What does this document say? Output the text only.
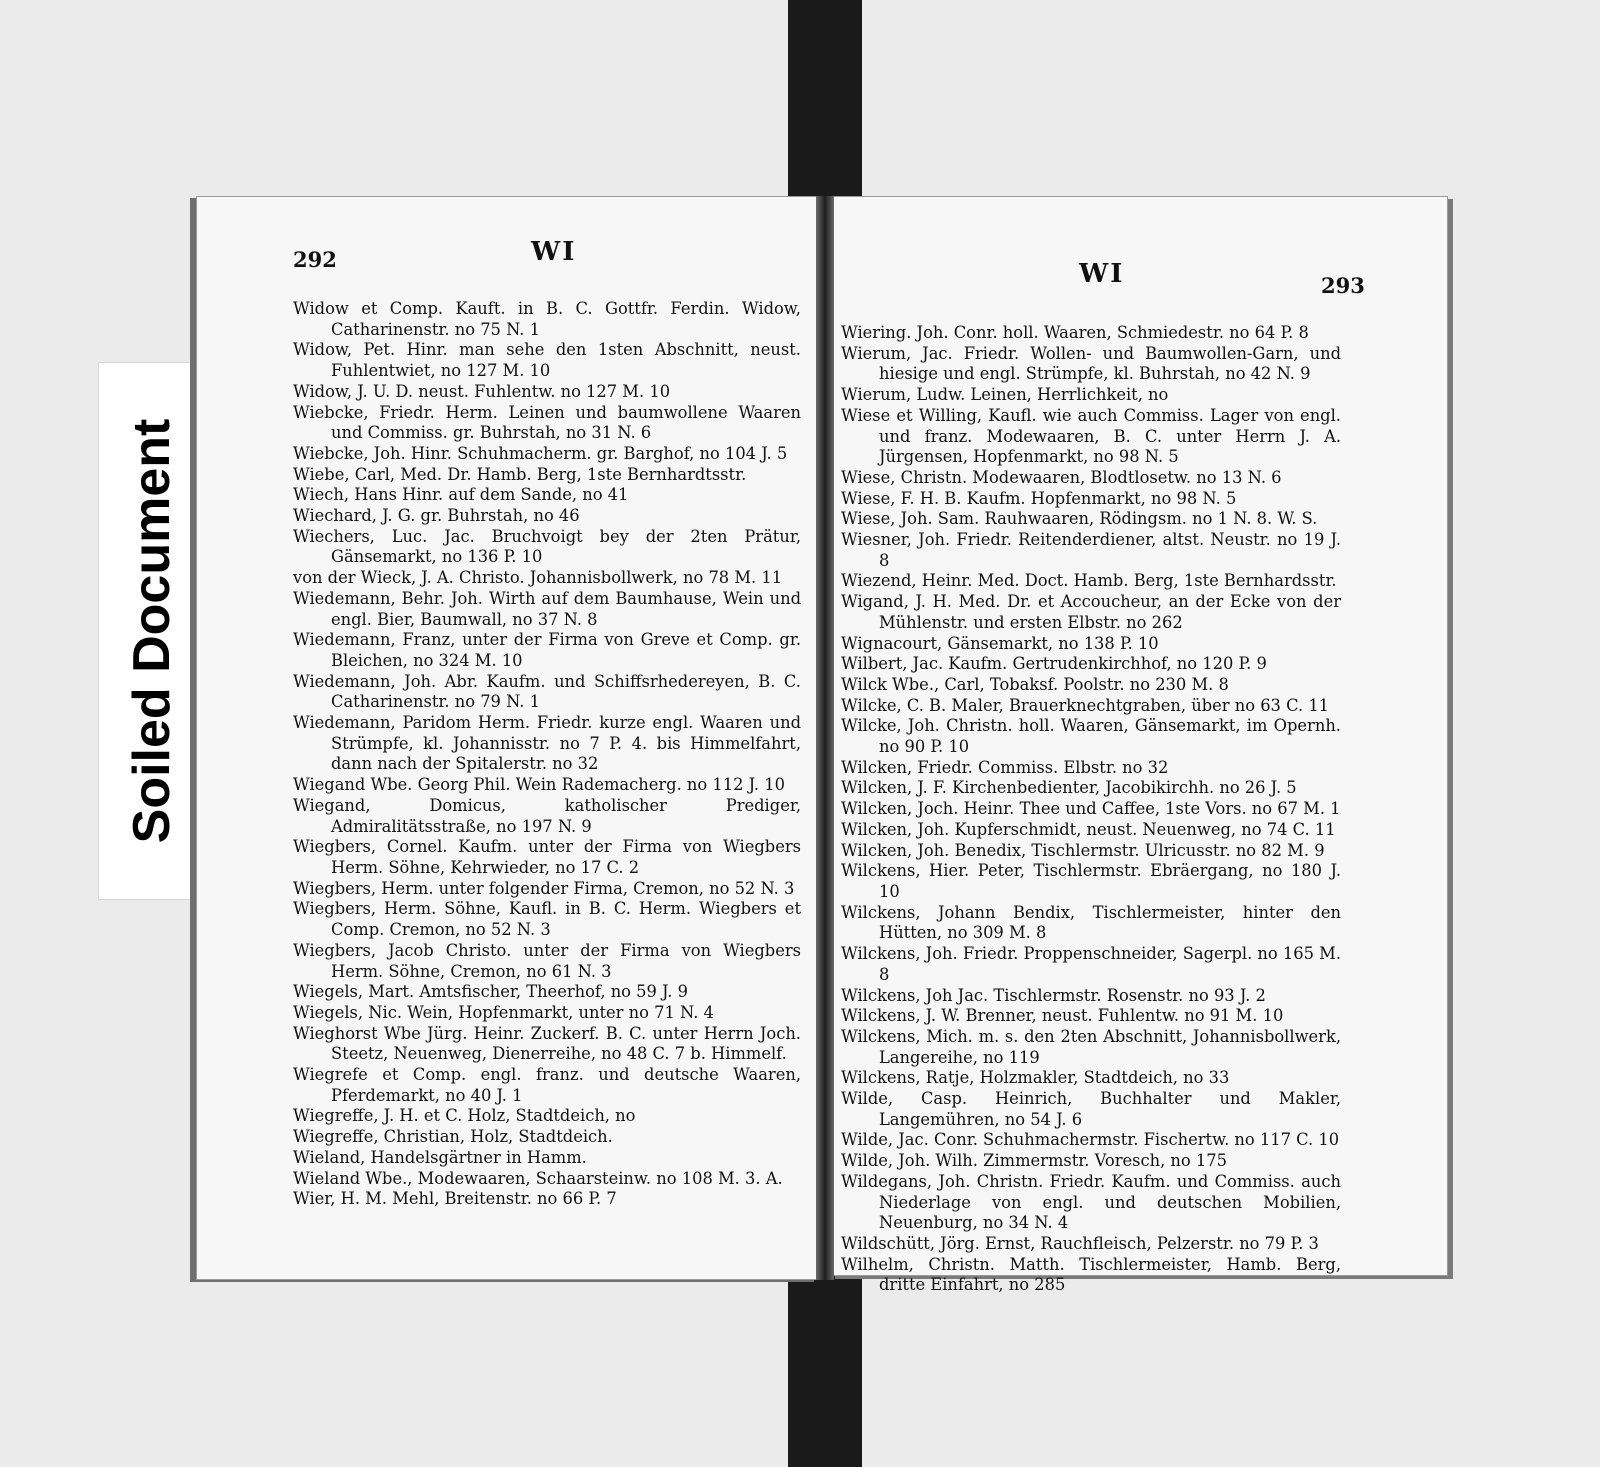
Soiled Document
292	WI
Widow et Comp. Kauft. in B. C. Gottfr. Ferdin. Widow, Catharinenstr. no 75 N. 1
Widow, Pet. Hinr. man sehe den 1sten Abschnitt, neust. Fuhlentwiet, no 127 M. 10
Widow, J. U. D. neust. Fuhlentw. no 127 M. 10
Wiebcke, Friedr. Herm. Leinen und baumwollene Waaren und Commiss. gr. Buhrstah, no 31 N. 6
Wiebcke, Joh. Hinr. Schuhmacherm. gr. Barghof, no 104 J. 5
Wiebe, Carl, Med. Dr. Hamb. Berg, 1ste Bernhardtsstr.
Wiech, Hans Hinr. auf dem Sande, no 41
Wiechard, J. G. gr. Buhrstah, no 46
Wiechers, Luc. Jac. Bruchvoigt bey der 2ten Prätur, Gänsemarkt, no 136 P. 10
von der Wieck, J. A. Christo. Johannisbollwerk, no 78 M. 11
Wiedemann, Behr. Joh. Wirth auf dem Baumhause, Wein und engl. Bier, Baumwall, no 37 N. 8
Wiedemann, Franz, unter der Firma von Greve et Comp. gr. Bleichen, no 324 M. 10
Wiedemann, Joh. Abr. Kaufm. und Schiffsrhedereyen, B. C. Catharinenstr. no 79 N. 1
Wiedemann, Paridom Herm. Friedr. kurze engl. Waaren und Strümpfe, kl. Johannisstr. no 7 P. 4. bis Himmelfahrt, dann nach der Spitalerstr. no 32
Wiegand Wbe. Georg Phil. Wein Rademacherg. no 112 J. 10
Wiegand, Domicus, katholischer Prediger, Admiralitätsstraße, no 197 N. 9
Wiegbers, Cornel. Kaufm. unter der Firma von Wiegbers Herm. Söhne, Kehrwieder, no 17 C. 2
Wiegbers, Herm. unter folgender Firma, Cremon, no 52 N. 3
Wiegbers, Herm. Söhne, Kaufl. in B. C. Herm. Wiegbers et Comp. Cremon, no 52 N. 3
Wiegbers, Jacob Christo. unter der Firma von Wiegbers Herm. Söhne, Cremon, no 61 N. 3
Wiegels, Mart. Amtsfischer, Theerhof, no 59 J. 9
Wiegels, Nic. Wein, Hopfenmarkt, unter no 71 N. 4
Wieghorst Wbe Jürg. Heinr. Zuckerf. B. C. unter Herrn Joch. Steetz, Neuenweg, Dienerreihe, no 48 C. 7 b. Himmelf.
Wiegrefe et Comp. engl. franz. und deutsche Waaren, Pferdemarkt, no 40 J. 1
Wiegreffe, J. H. et C. Holz, Stadtdeich, no
Wiegreffe, Christian, Holz, Stadtdeich.
Wieland, Handelsgärtner in Hamm.
Wieland Wbe., Modewaaren, Schaarsteinw. no 108 M. 3. A.
Wier, H. M. Mehl, Breitenstr. no 66 P. 7
WI	293
Wiering. Joh. Conr. holl. Waaren, Schmiedestr. no 64 P. 8
Wierum, Jac. Friedr. Wollen- und Baumwollen-Garn, und hiesige und engl. Strümpfe, kl. Buhrstah, no 42 N. 9
Wierum, Ludw. Leinen, Herrlichkeit, no
Wiese et Willing, Kaufl. wie auch Commiss. Lager von engl. und franz. Modewaaren, B. C. unter Herrn J. A. Jürgensen, Hopfenmarkt, no 98 N. 5
Wiese, Christn. Modewaaren, Blodtlosetw. no 13 N. 6
Wiese, F. H. B. Kaufm. Hopfenmarkt, no 98 N. 5
Wiese, Joh. Sam. Rauhwaaren, Rödingsm. no 1 N. 8. W. S.
Wiesner, Joh. Friedr. Reitenderdiener, altst. Neustr. no 19 J. 8
Wiezend, Heinr. Med. Doct. Hamb. Berg, 1ste Bernhardsstr.
Wigand, J. H. Med. Dr. et Accoucheur, an der Ecke von der Mühlenstr. und ersten Elbstr. no 262
Wignacourt, Gänsemarkt, no 138 P. 10
Wilbert, Jac. Kaufm. Gertrudenkirchhof, no 120 P. 9
Wilck Wbe., Carl, Tobaksf. Poolstr. no 230 M. 8
Wilcke, C. B. Maler, Brauerknechtgraben, über no 63 C. 11
Wilcke, Joh. Christn. holl. Waaren, Gänsemarkt, im Opernh. no 90 P. 10
Wilcken, Friedr. Commiss. Elbstr. no 32
Wilcken, J. F. Kirchenbedienter, Jacobikirchh. no 26 J. 5
Wilcken, Joch. Heinr. Thee und Caffee, 1ste Vors. no 67 M. 1
Wilcken, Joh. Kupferschmidt, neust. Neuenweg, no 74 C. 11
Wilcken, Joh. Benedix, Tischlermstr. Ulricusstr. no 82 M. 9
Wilckens, Hier. Peter, Tischlermstr. Ebräergang, no 180 J. 10
Wilckens, Johann Bendix, Tischlermeister, hinter den Hütten, no 309 M. 8
Wilckens, Joh. Friedr. Proppenschneider, Sagerpl. no 165 M. 8
Wilckens, Joh Jac. Tischlermstr. Rosenstr. no 93 J. 2
Wilckens, J. W. Brenner, neust. Fuhlentw. no 91 M. 10
Wilckens, Mich. m. s. den 2ten Abschnitt, Johannisbollwerk, Langereihe, no 119
Wilckens, Ratje, Holzmakler, Stadtdeich, no 33
Wilde, Casp. Heinrich, Buchhalter und Makler, Langemühren, no 54 J. 6
Wilde, Jac. Conr. Schuhmachermstr. Fischertw. no 117 C. 10
Wilde, Joh. Wilh. Zimmermstr. Voresch, no 175
Wildegans, Joh. Christn. Friedr. Kaufm. und Commiss. auch Niederlage von engl. und deutschen Mobilien, Neuenburg, no 34 N. 4
Wildschütt, Jörg. Ernst, Rauchfleisch, Pelzerstr. no 79 P. 3
Wilhelm, Christn. Matth. Tischlermeister, Hamb. Berg, dritte Einfahrt, no 285
